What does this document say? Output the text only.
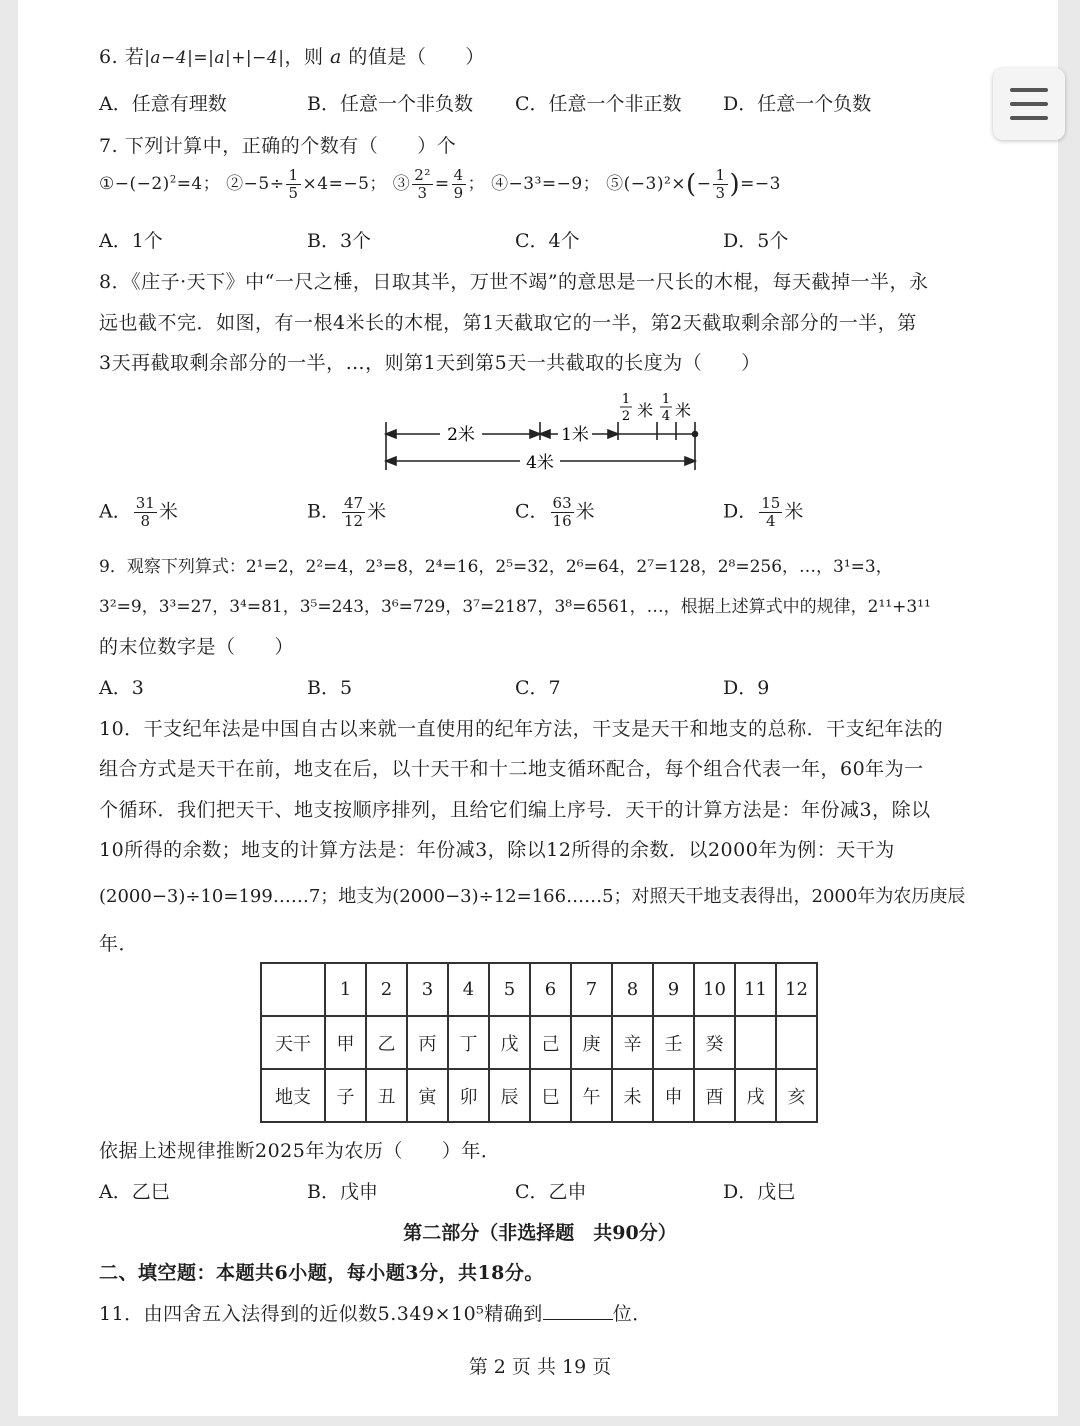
6. 若|a−4|=|a|+|−4|，则 a 的值是（　　）
A．任意有理数	B．任意一个非负数 C．任意一个非正数 D．任意一个负数
7. 下列计算中，正确的个数有（　　）个
$①-(-2)^2=4$； ②−5÷ $\frac{1}{5} \times 4=-5$； ③ $\frac{\text{2²}}{3} = \frac{4}{9}$ ； ④−3³=−9； ⑤(−3)²×(− $\frac{1}{3} )=-3$
A．1个	B．3个	C．4个	D．5个
8．《庄子·天下》中“一尺之棰，日取其半，万世不竭”的意思是一尺长的木棍，每天截掉一半，永
远也截不完．如图，有一根4米长的木棍，第1天截取它的一半，第2天截取剩余部分的一半，第
3天再截取剩余部分的一半，…，则第1天到第5天一共截取的长度为（　　）
2米	1米
4米
1
2 米
1
4 米
A． $\frac{31}{8}$ 米	B． $\frac{47}{12}$ 米	C． $\frac{63}{16}$ 米	D． $\frac{15}{4}$ 米
9．观察下列算式：2¹=2，2²=4，2³=8，2⁴=16，2⁵=32，2⁶=64，2⁷=128，2⁸=256，…，3¹=3，
3²=9，3³=27，3⁴=81，3⁵=243，3⁶=729，3⁷=2187，3⁸=6561，…，根据上述算式中的规律，2¹¹+3¹¹
的末位数字是（　　）
A．3	B．5	C．7	D．9
10．干支纪年法是中国自古以来就一直使用的纪年方法，干支是天干和地支的总称．干支纪年法的
组合方式是天干在前，地支在后，以十天干和十二地支循环配合，每个组合代表一年，60年为一
个循环．我们把天干、地支按顺序排列，且给它们编上序号．天干的计算方法是：年份减3，除以
10所得的余数；地支的计算方法是：年份减3，除以12所得的余数．以2000年为例：天干为
(2000−3)÷10=199……7；地支为(2000−3)÷12=166……5；对照天干地支表得出，2000年为农历庚辰
年．
	1	2	3	4	5	6	7	8	9	10	11	12
天干	甲	乙	丙	丁	戊	己	庚	辛	壬	癸		
地支	子	丑	寅	卯	辰	巳	午	未	申	酉	戌	亥
依据上述规律推断2025年为农历（　　）年．
A．乙巳	B．戊申	C．乙申	D．戊巳
第二部分（非选择题　共90分）
二、填空题：本题共6小题，每小题3分，共18分。
11．由四舍五入法得到的近似数5.349×10⁵精确到	位．
第 2 页 共 19 页
